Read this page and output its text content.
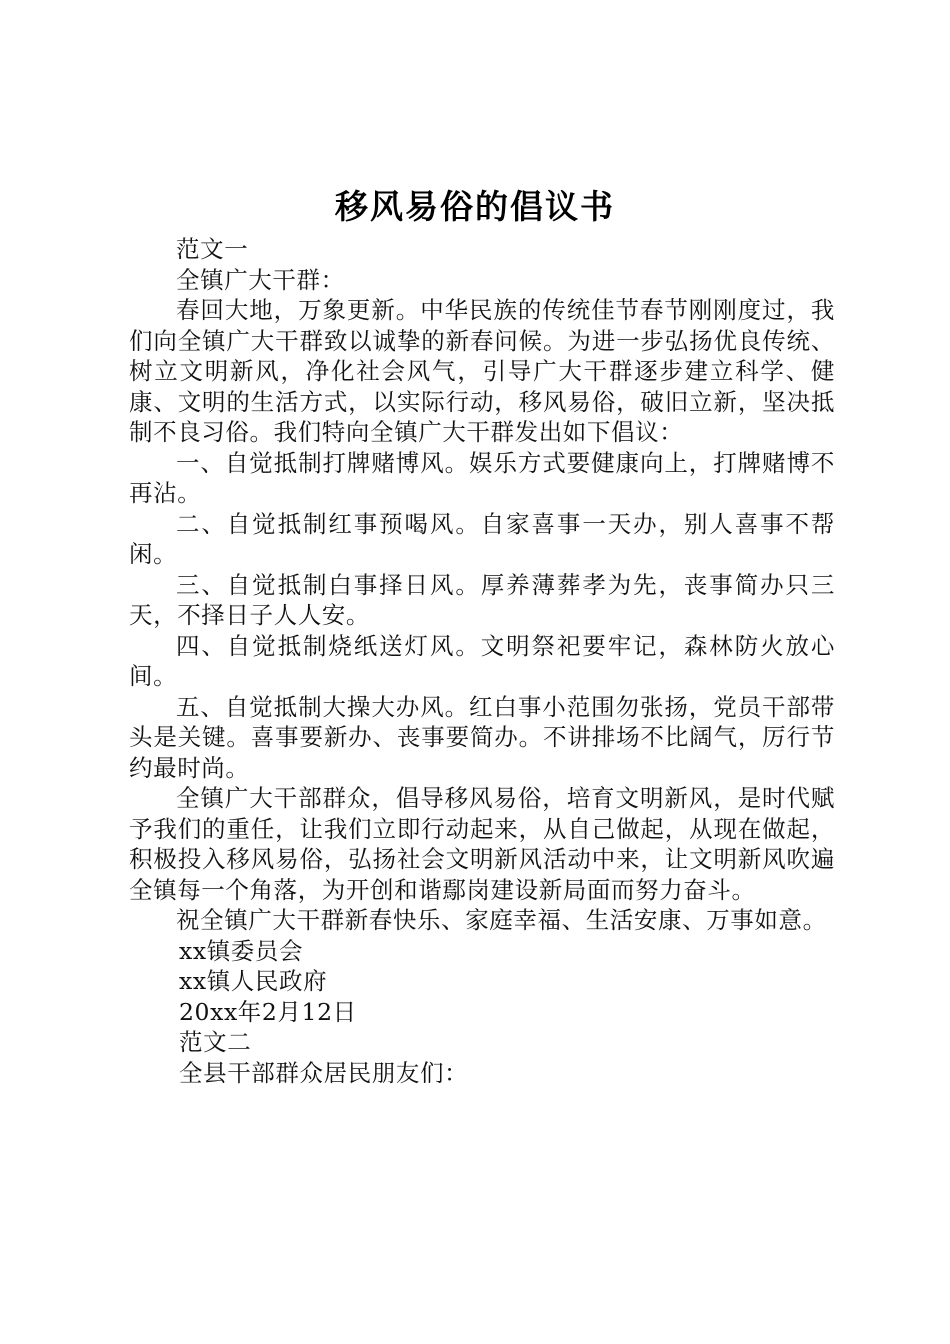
移风易俗的倡议书

范文一

全镇广大干群：

春回大地，万象更新。中华民族的传统佳节春节刚刚度过，我们向全镇广大干群致以诚挚的新春问候。为进一步弘扬优良传统、树立文明新风，净化社会风气，引导广大干群逐步建立科学、健康、文明的生活方式，以实际行动，移风易俗，破旧立新，坚决抵制不良习俗。我们特向全镇广大干群发出如下倡议：

一、自觉抵制打牌赌博风。娱乐方式要健康向上，打牌赌博不再沾。

二、自觉抵制红事预喝风。自家喜事一天办，别人喜事不帮闲。

三、自觉抵制白事择日风。厚养薄葬孝为先，丧事简办只三天，不择日子人人安。

四、自觉抵制烧纸送灯风。文明祭祀要牢记，森林防火放心间。

五、自觉抵制大操大办风。红白事小范围勿张扬，党员干部带头是关键。喜事要新办、丧事要简办。不讲排场不比阔气，厉行节约最时尚。

全镇广大干部群众，倡导移风易俗，培育文明新风，是时代赋予我们的重任，让我们立即行动起来，从自己做起，从现在做起，积极投入移风易俗，弘扬社会文明新风活动中来，让文明新风吹遍全镇每一个角落，为开创和谐鄢岗建设新局面而努力奋斗。

祝全镇广大干群新春快乐、家庭幸福、生活安康、万事如意。

xx镇委员会

xx镇人民政府

20xx年2月12日

范文二

全县干部群众居民朋友们：
